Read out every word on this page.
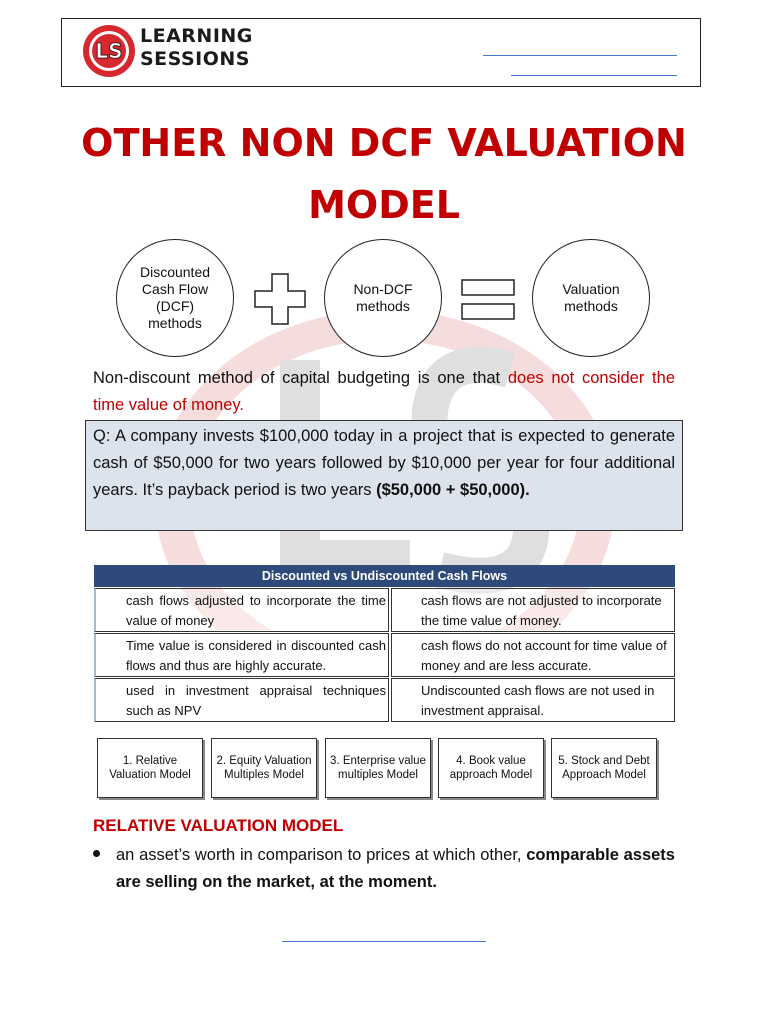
LS
LEARNING
SESSIONS
OTHER NON DCF VALUATION
MODEL
Discounted
Cash Flow
(DCF)
methods
Non-DCF
methods
Valuation
methods
Non-discount method of capital budgeting is one that does not consider the time value of money.
Q: A company invests $100,000 today in a project that is expected to generate cash of $50,000 for two years followed by $10,000 per year for four additional years. It’s payback period is two years ($50,000 + $50,000).
Discounted vs Undiscounted Cash Flows
cash flows adjusted to incorporate the time value of money
cash flows are not adjusted to incorporate the time value of money.
Time value is considered in discounted cash flows and thus are highly accurate.
cash flows do not account for time value of money and are less accurate.
used in investment appraisal techniques such as NPV
Undiscounted cash flows are not used in investment appraisal.
1. Relative Valuation Model
2. Equity Valuation Multiples Model
3. Enterprise value multiples Model
4. Book value approach Model
5. Stock and Debt Approach Model
RELATIVE VALUATION MODEL
an asset’s worth in comparison to prices at which other, comparable assets are selling on the market, at the moment.
